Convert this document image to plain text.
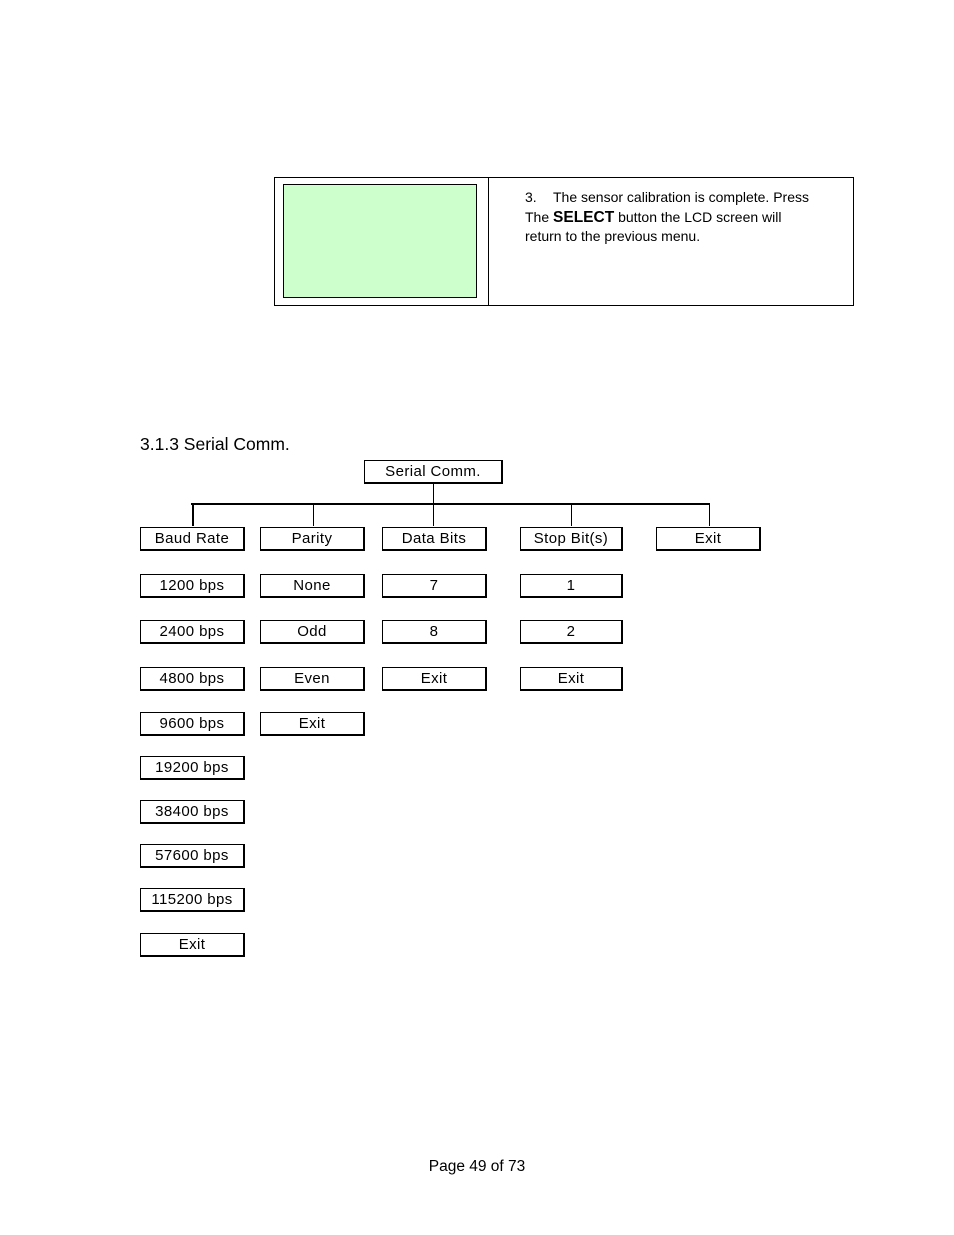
3. The sensor calibration is complete. Press
The SELECT button the LCD screen will
return to the previous menu.
3.1.3 Serial Comm.
Serial Comm.
Baud Rate
1200 bps
2400 bps
4800 bps
9600 bps
19200 bps
38400 bps
57600 bps
115200 bps
Exit
Parity
None
Odd
Even
Exit
Data Bits
7
8
Exit
Stop Bit(s)
1
2
Exit
Exit
Page 49 of 73
